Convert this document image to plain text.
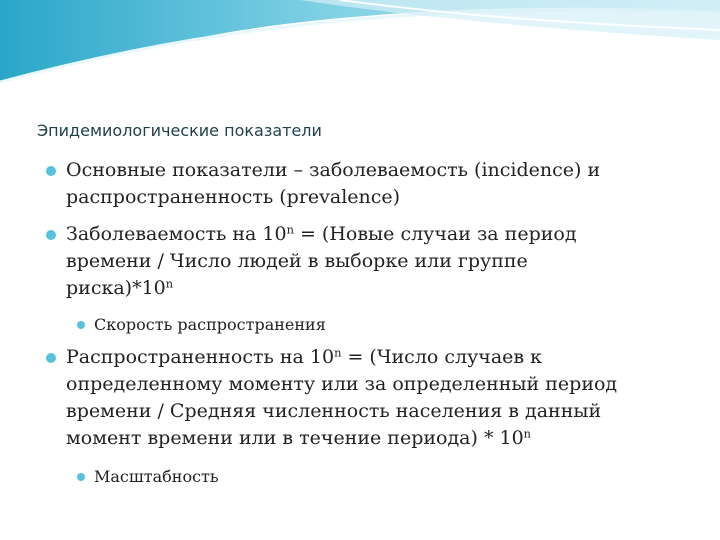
Эпидемиологические показатели
Основные показатели – заболеваемость (incidence) и
распространенность (prevalence)
Заболеваемость на $10^n$ = (Новые случаи за период
времени / Число людей в выборке или группе
риска)*10$^n$
Скорость распространения
Распространенность на $10^n$ = (Число случаев к
определенному моменту или за определенный период
времени / Средняя численность населения в данный
момент времени или в течение периода) * 10$^n$
Масштабность
